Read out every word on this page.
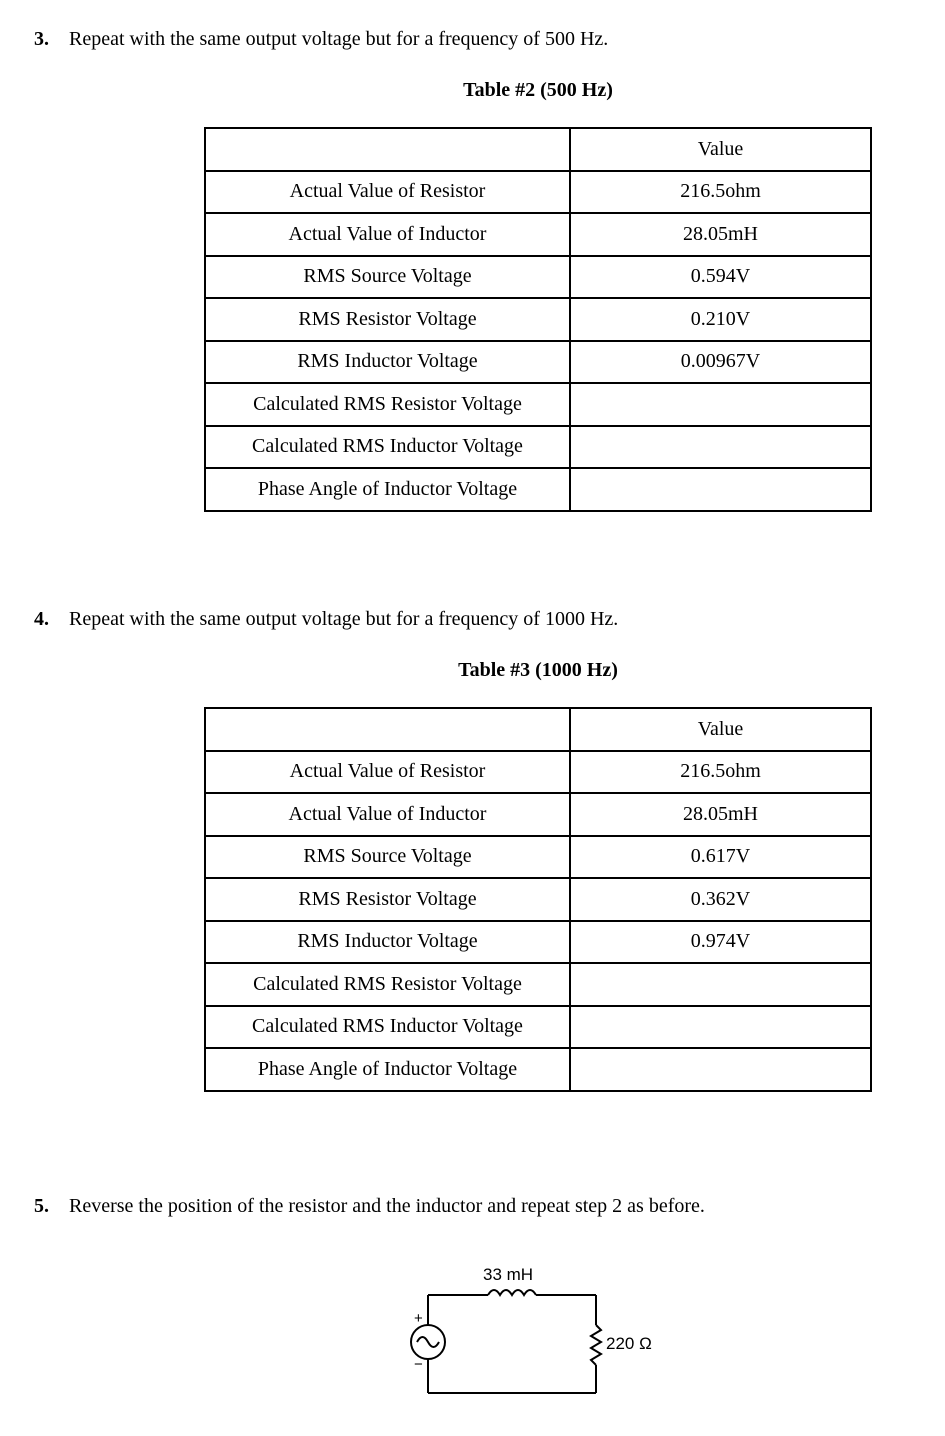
3. Repeat with the same output voltage but for a frequency of 500 Hz.
Table #2 (500 Hz)
	Value
Actual Value of Resistor	216.5ohm
Actual Value of Inductor	28.05mH
RMS Source Voltage	0.594V
RMS Resistor Voltage	0.210V
RMS Inductor Voltage	0.00967V
Calculated RMS Resistor Voltage	
Calculated RMS Inductor Voltage	
Phase Angle of Inductor Voltage	
4. Repeat with the same output voltage but for a frequency of 1000 Hz.
Table #3 (1000 Hz)
	Value
Actual Value of Resistor	216.5ohm
Actual Value of Inductor	28.05mH
RMS Source Voltage	0.617V
RMS Resistor Voltage	0.362V
RMS Inductor Voltage	0.974V
Calculated RMS Resistor Voltage	
Calculated RMS Inductor Voltage	
Phase Angle of Inductor Voltage	
5. Reverse the position of the resistor and the inductor and repeat step 2 as before.
33 mH
220 Ω
+
−
